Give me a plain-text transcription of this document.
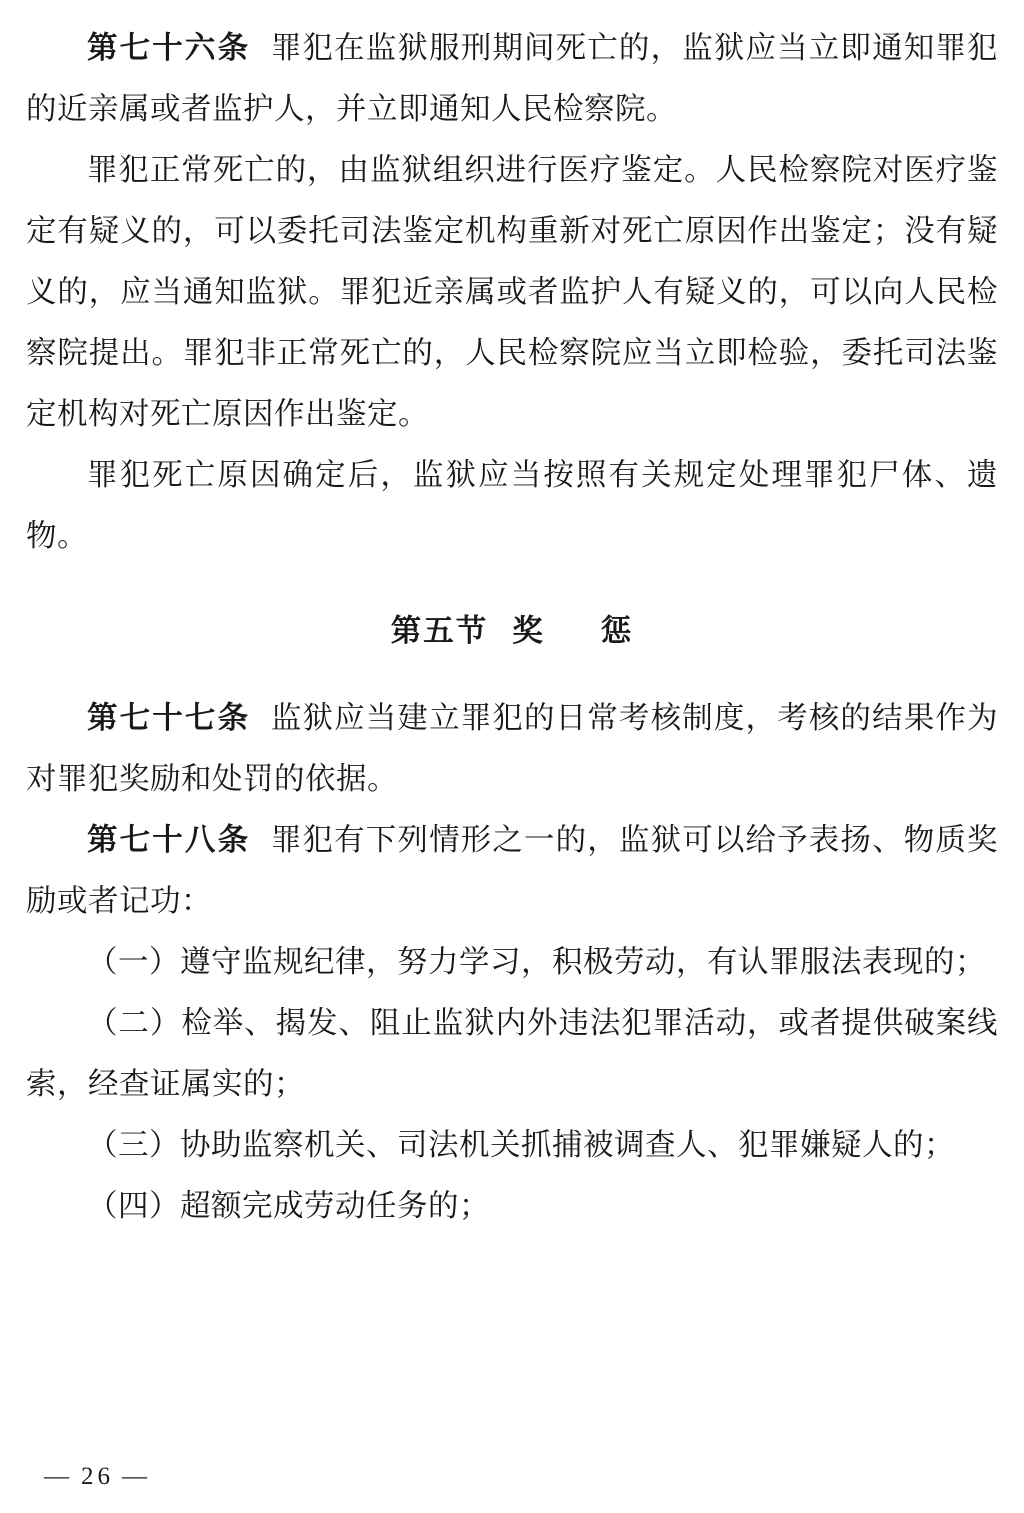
第七十六条 罪犯在监狱服刑期间死亡的，监狱应当立即通知罪犯的近亲属或者监护人，并立即通知人民检察院。

罪犯正常死亡的，由监狱组织进行医疗鉴定。人民检察院对医疗鉴定有疑义的，可以委托司法鉴定机构重新对死亡原因作出鉴定；没有疑义的，应当通知监狱。罪犯近亲属或者监护人有疑义的，可以向人民检察院提出。罪犯非正常死亡的，人民检察院应当立即检验，委托司法鉴定机构对死亡原因作出鉴定。

罪犯死亡原因确定后，监狱应当按照有关规定处理罪犯尸体、遗物。

第五节 奖 惩

第七十七条 监狱应当建立罪犯的日常考核制度，考核的结果作为对罪犯奖励和处罚的依据。

第七十八条 罪犯有下列情形之一的，监狱可以给予表扬、物质奖励或者记功：

（一）遵守监规纪律，努力学习，积极劳动，有认罪服法表现的；

（二）检举、揭发、阻止监狱内外违法犯罪活动，或者提供破案线索，经查证属实的；

（三）协助监察机关、司法机关抓捕被调查人、犯罪嫌疑人的；

（四）超额完成劳动任务的；

— 26 —
